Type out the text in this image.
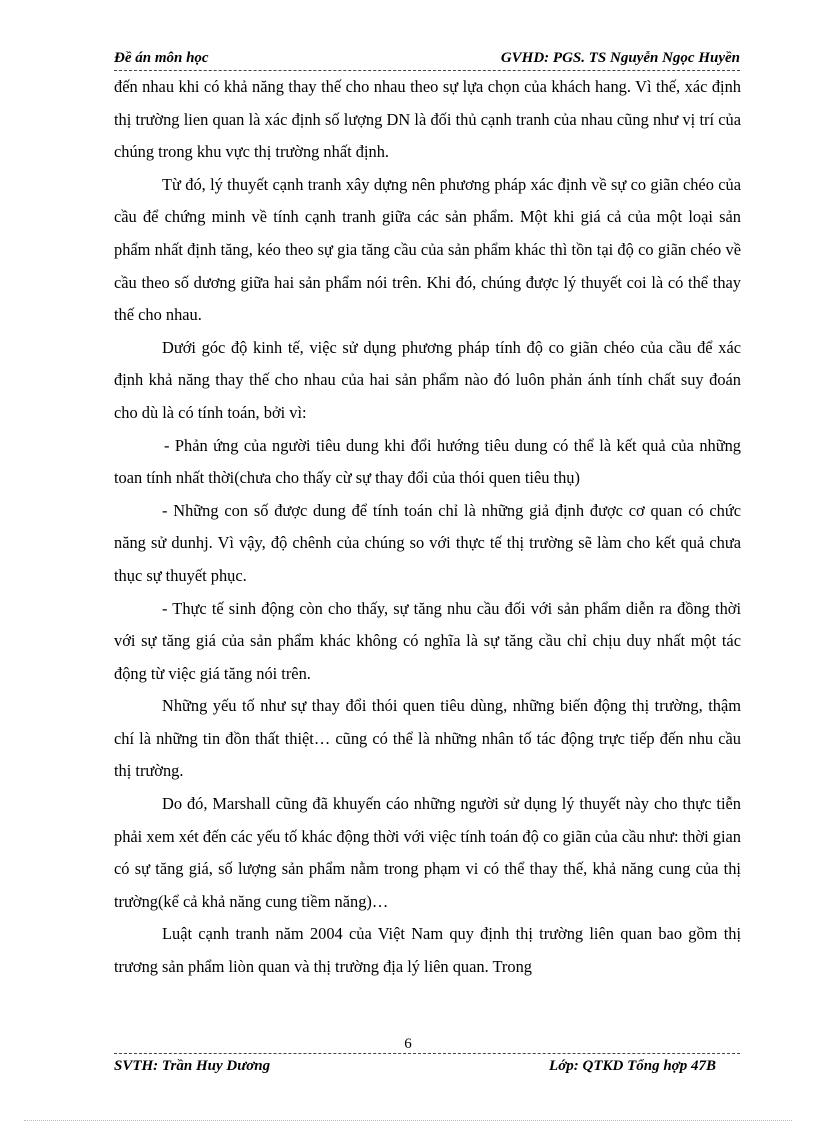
Đề án môn học	GVHD: PGS. TS Nguyễn Ngọc Huyền

đến nhau khi có khả năng thay thế cho nhau theo sự lựa chọn của khách hang. Vì thế, xác định thị trường lien quan là xác định số lượng DN là đối thủ cạnh tranh của nhau cũng như vị trí của chúng trong khu vực thị trường nhất định.

Từ đó, lý thuyết cạnh tranh xây dựng nên phương pháp xác định về sự co giãn chéo của cầu để chứng minh về tính cạnh tranh giữa các sản phẩm. Một khi giá cả của một loại sản phẩm nhất định tăng, kéo theo sự gia tăng cầu của sản phẩm khác thì tồn tại độ co giãn chéo về cầu theo số dương giữa hai sản phẩm nói trên. Khi đó, chúng được lý thuyết coi là có thể thay thế cho nhau.

Dưới góc độ kinh tế, việc sử dụng phương pháp tính độ co giãn chéo của cầu để xác định khả năng thay thế cho nhau của hai sản phẩm nào đó luôn phản ánh tính chất suy đoán cho dù là có tính toán, bởi vì:

- Phản ứng của người tiêu dung khi đổi hướng tiêu dung có thể là kết quả của những toan tính nhất thời(chưa cho thấy cừ sự thay đổi của thói quen tiêu thụ)

- Những con số được dung để tính toán chỉ là những giả định được cơ quan có chức năng sử dunhj. Vì vậy, độ chênh của chúng so với thực tế thị trường sẽ làm cho kết quả chưa thục sự thuyết phục.

- Thực tế sinh động còn cho thấy, sự tăng nhu cầu đối với sản phẩm diễn ra đồng thời với sự tăng giá của sản phẩm khác không có nghĩa là sự tăng cầu chỉ chịu duy nhất một tác động từ việc giá tăng nói trên.

Những yếu tố như sự thay đổi thói quen tiêu dùng, những biến động thị trường, thậm chí là những tin đồn thất thiệt… cũng có thể là những nhân tố tác động trực tiếp đến nhu cầu thị trường.

Do đó, Marshall cũng đã khuyến cáo những người sử dụng lý thuyết này cho thực tiễn phải xem xét đến các yếu tố khác động thời với việc tính toán độ co giãn của cầu như: thời gian có sự tăng giá, số lượng sản phẩm nằm trong phạm vi có thể thay thế, khả năng cung của thị trường(kể cả khả năng cung tiềm năng)…

Luật cạnh tranh năm 2004 của Việt Nam quy định thị trường liên quan bao gồm thị trương sản phẩm liòn quan và thị trường địa lý liên quan. Trong

6
SVTH: Trần Huy Dương	Lớp: QTKD Tổng hợp 47B
